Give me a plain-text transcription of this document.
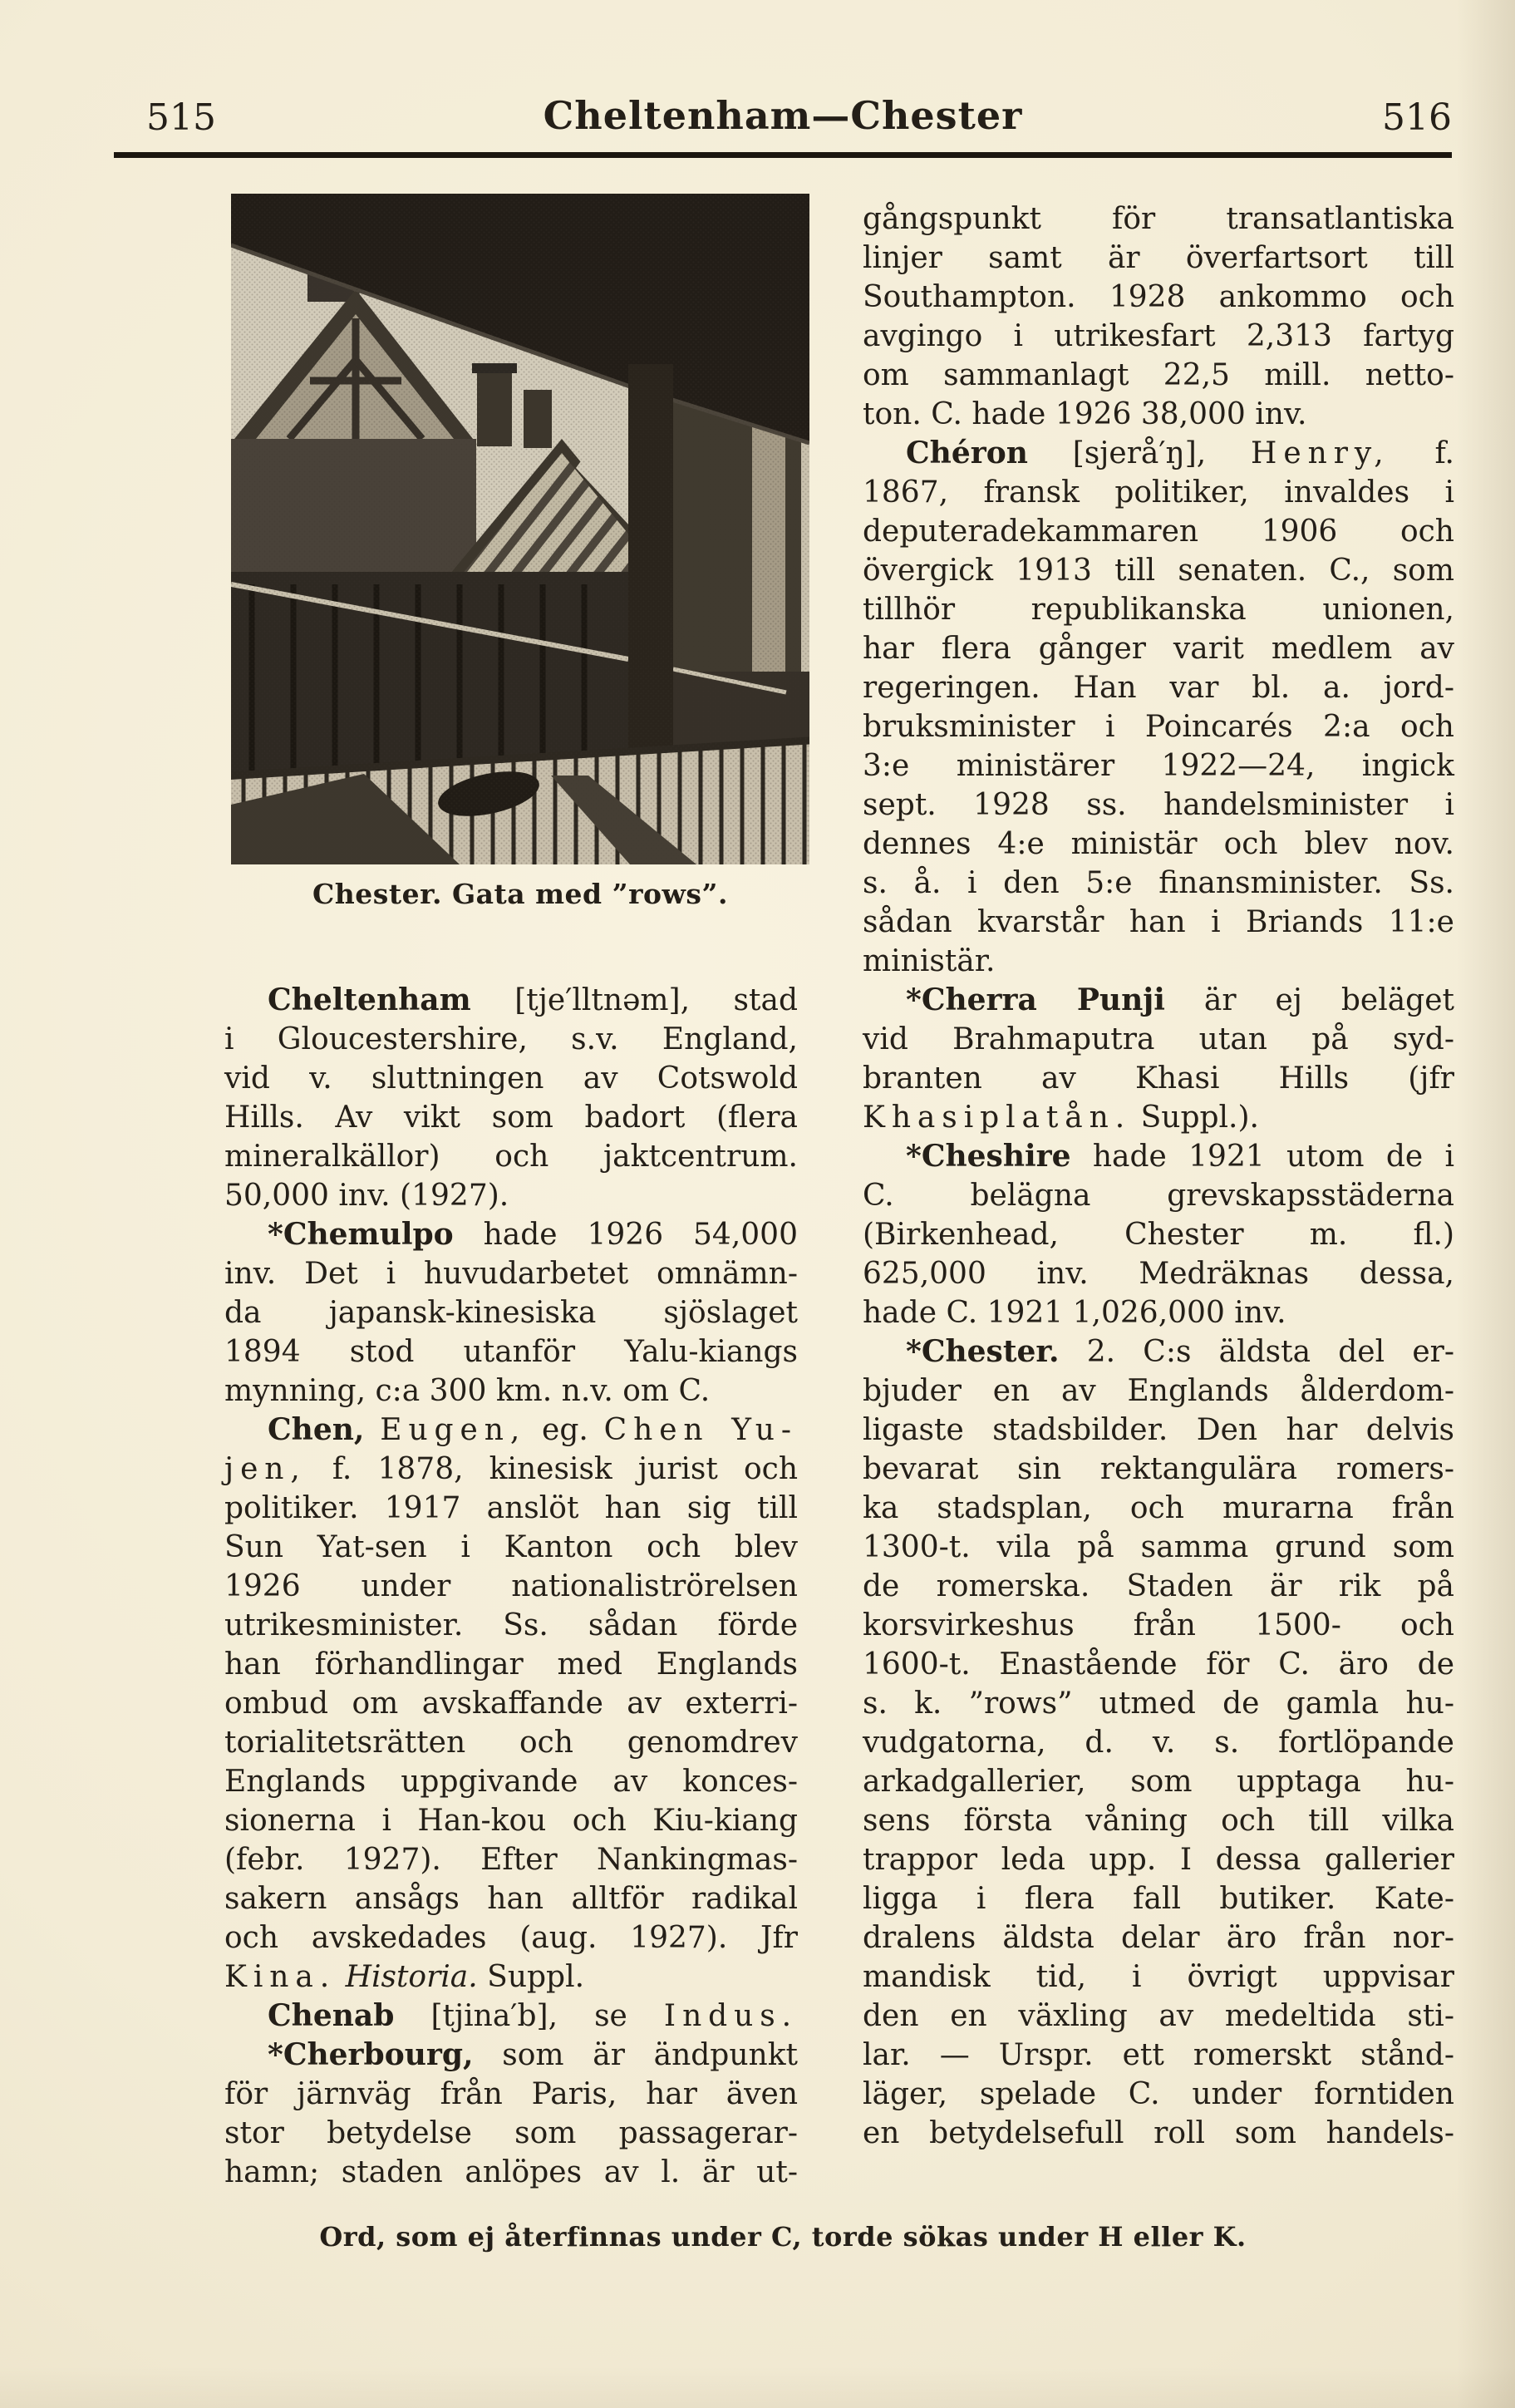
515	Cheltenham—Chester	516
Chester. Gata med ”rows”.
Cheltenham [tje′lltnəm], stad
i Gloucestershire, s.v. England,
vid v. sluttningen av Cotswold
Hills. Av vikt som badort (flera
mineralkällor) och jaktcentrum.
50,000 inv. (1927).
*Chemulpo hade 1926 54,000
inv. Det i huvudarbetet omnämn-
da japansk-kinesiska sjöslaget
1894 stod utanför Yalu-kiangs
mynning, c:a 300 km. n.v. om C.
Chen, Eugen, eg. Chen Yu-
jen, f. 1878, kinesisk jurist och
politiker. 1917 anslöt han sig till
Sun Yat-sen i Kanton och blev
1926 under nationaliströrelsen
utrikesminister. Ss. sådan förde
han förhandlingar med Englands
ombud om avskaffande av exterri-
torialitetsrätten och genomdrev
Englands uppgivande av konces-
sionerna i Han-kou och Kiu-kiang
(febr. 1927). Efter Nankingmas-
sakern ansågs han alltför radikal
och avskedades (aug. 1927). Jfr
Kina. Historia. Suppl.
Chenab [tjina′b], se Indus.
*Cherbourg, som är ändpunkt
för järnväg från Paris, har även
stor betydelse som passagerar-
hamn; staden anlöpes av l. är ut-
gångspunkt för transatlantiska
linjer samt är överfartsort till
Southampton. 1928 ankommo och
avgingo i utrikesfart 2,313 fartyg
om sammanlagt 22,5 mill. netto-
ton. C. hade 1926 38,000 inv.
Chéron [sjerå′ŋ], Henry, f.
1867, fransk politiker, invaldes i
deputeradekammaren 1906 och
övergick 1913 till senaten. C., som
tillhör republikanska unionen,
har flera gånger varit medlem av
regeringen. Han var bl. a. jord-
bruksminister i Poincarés 2:a och
3:e ministärer 1922—24, ingick
sept. 1928 ss. handelsminister i
dennes 4:e ministär och blev nov.
s. å. i den 5:e finansminister. Ss.
sådan kvarstår han i Briands 11:e
ministär.
*Cherra Punji är ej beläget
vid Brahmaputra utan på syd-
branten av Khasi Hills (jfr
Khasiplatån. Suppl.).
*Cheshire hade 1921 utom de i
C. belägna grevskapsstäderna
(Birkenhead, Chester m. fl.)
625,000 inv. Medräknas dessa,
hade C. 1921 1,026,000 inv.
*Chester. 2. C:s äldsta del er-
bjuder en av Englands ålderdom-
ligaste stadsbilder. Den har delvis
bevarat sin rektangulära romers-
ka stadsplan, och murarna från
1300-t. vila på samma grund som
de romerska. Staden är rik på
korsvirkeshus från 1500- och
1600-t. Enastående för C. äro de
s. k. ”rows” utmed de gamla hu-
vudgatorna, d. v. s. fortlöpande
arkadgallerier, som upptaga hu-
sens första våning och till vilka
trappor leda upp. I dessa gallerier
ligga i flera fall butiker. Kate-
dralens äldsta delar äro från nor-
mandisk tid, i övrigt uppvisar
den en växling av medeltida sti-
lar. — Urspr. ett romerskt stånd-
läger, spelade C. under forntiden
en betydelsefull roll som handels-
Ord, som ej återfinnas under C, torde sökas under H eller K.
